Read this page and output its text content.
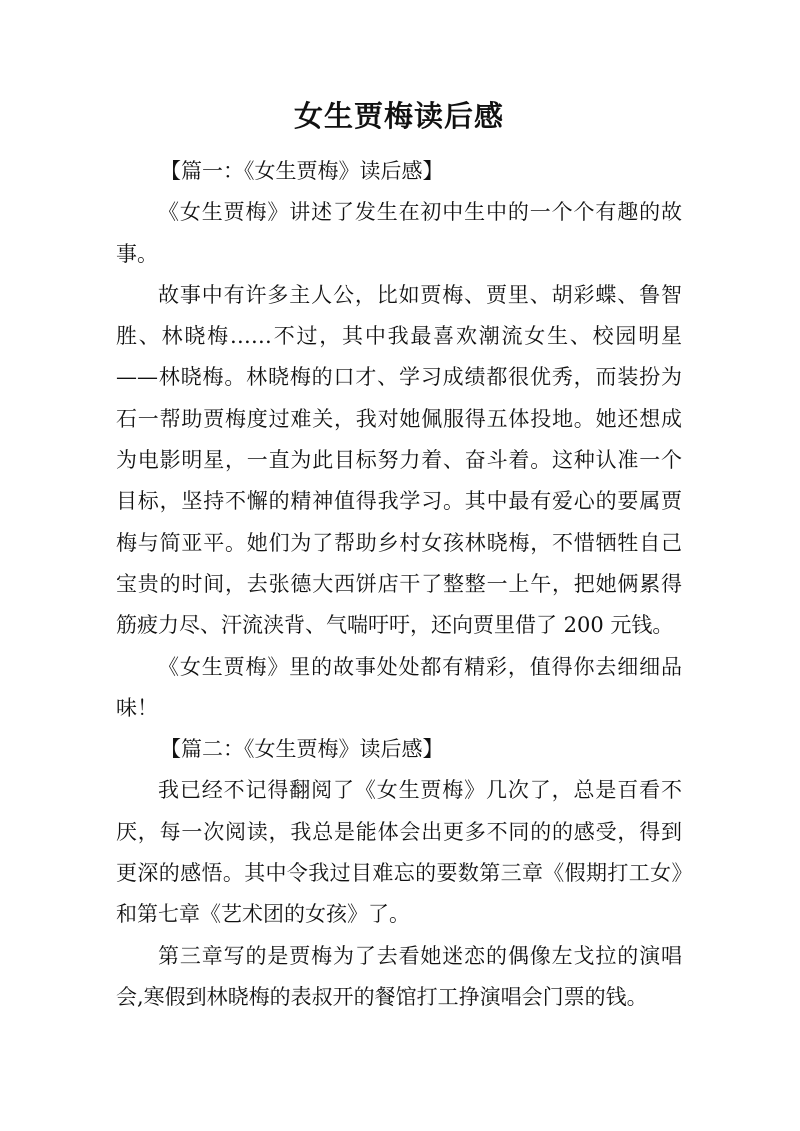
女生贾梅读后感

【篇一：《女生贾梅》读后感】

《女生贾梅》讲述了发生在初中生中的一个个有趣的故事。

故事中有许多主人公，比如贾梅、贾里、胡彩蝶、鲁智胜、林晓梅……不过，其中我最喜欢潮流女生、校园明星——林晓梅。林晓梅的口才、学习成绩都很优秀，而装扮为石一帮助贾梅度过难关，我对她佩服得五体投地。她还想成为电影明星，一直为此目标努力着、奋斗着。这种认准一个目标，坚持不懈的精神值得我学习。其中最有爱心的要属贾梅与简亚平。她们为了帮助乡村女孩林晓梅，不惜牺牲自己宝贵的时间，去张德大西饼店干了整整一上午，把她俩累得筋疲力尽、汗流浃背、气喘吁吁，还向贾里借了 200 元钱。

《女生贾梅》里的故事处处都有精彩，值得你去细细品味！

【篇二：《女生贾梅》读后感】

我已经不记得翻阅了《女生贾梅》几次了，总是百看不厌，每一次阅读，我总是能体会出更多不同的的感受，得到更深的感悟。其中令我过目难忘的要数第三章《假期打工女》和第七章《艺术团的女孩》了。

第三章写的是贾梅为了去看她迷恋的偶像左戈拉的演唱会,寒假到林晓梅的表叔开的餐馆打工挣演唱会门票的钱。
